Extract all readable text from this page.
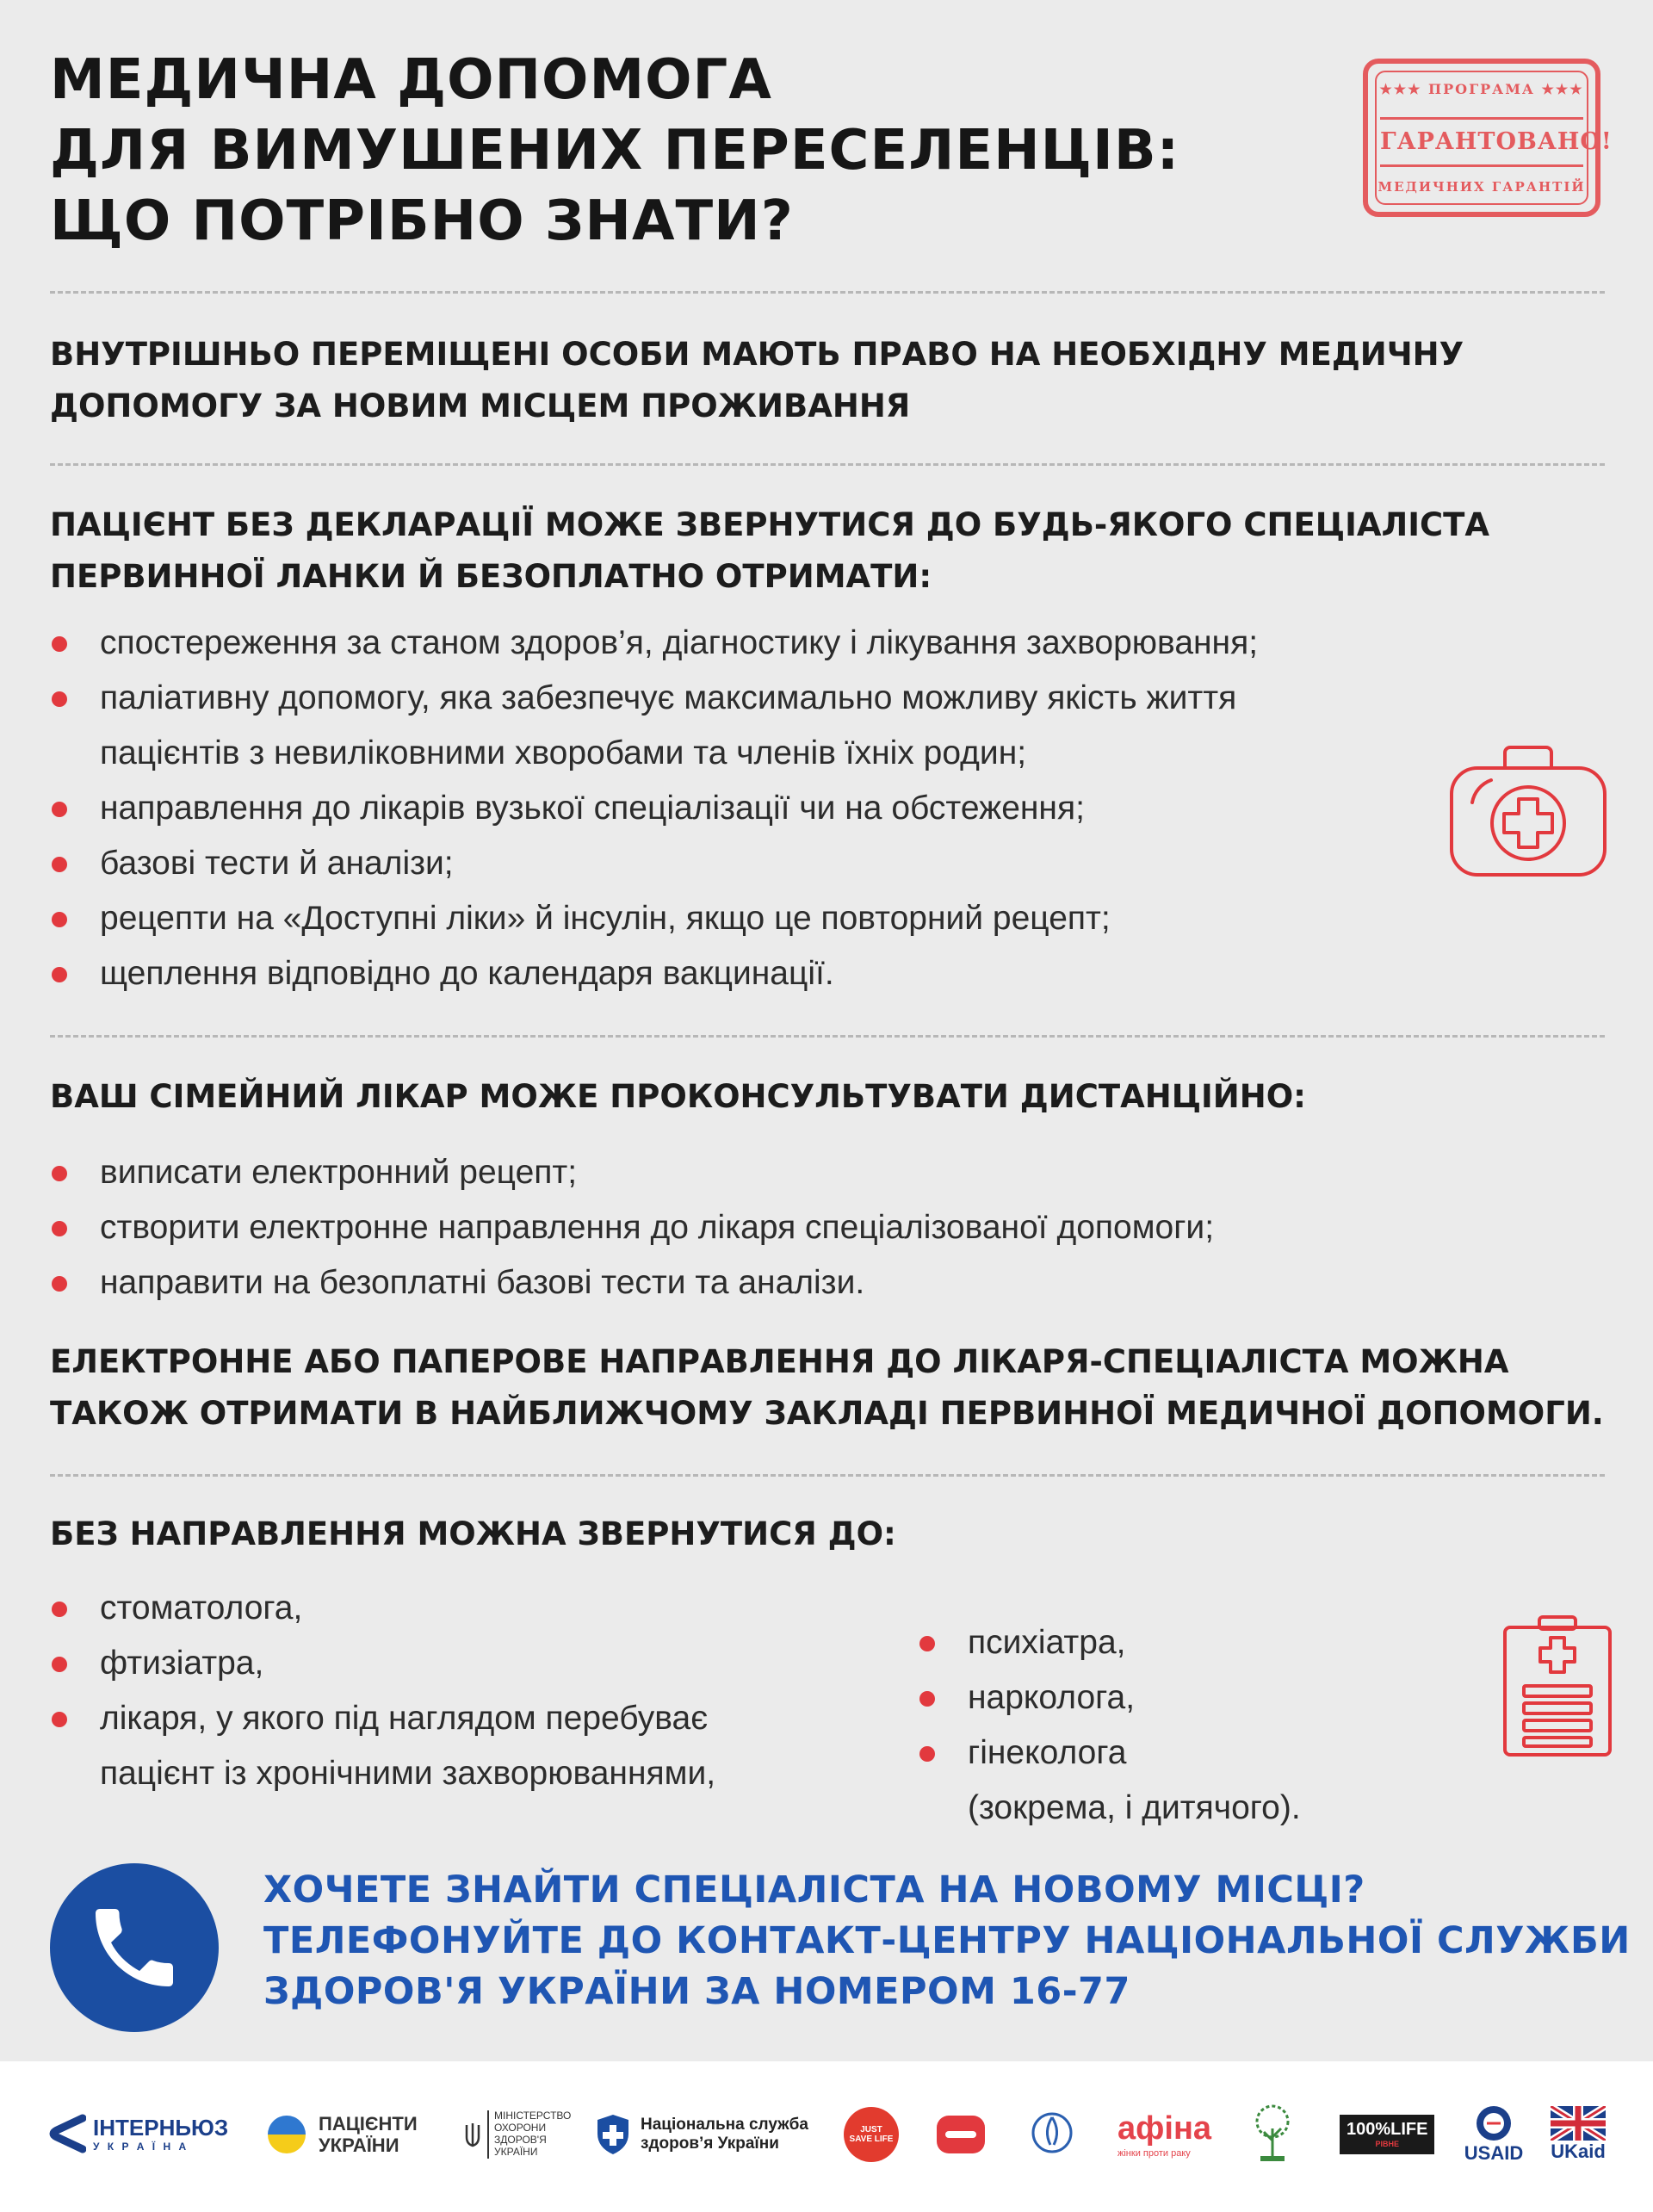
МЕДИЧНА ДОПОМОГА
ДЛЯ ВИМУШЕНИХ ПЕРЕСЕЛЕНЦІВ:
ЩО ПОТРІБНО ЗНАТИ?
★★★ ПРОГРАМА ★★★
ГАРАНТОВАНО!
МЕДИЧНИХ ГАРАНТІЙ
ВНУТРІШНЬО ПЕРЕМІЩЕНІ ОСОБИ МАЮТЬ ПРАВО НА НЕОБХІДНУ МЕДИЧНУ
ДОПОМОГУ ЗА НОВИМ МІСЦЕМ ПРОЖИВАННЯ
ПАЦІЄНТ БЕЗ ДЕКЛАРАЦІЇ МОЖЕ ЗВЕРНУТИСЯ ДО БУДЬ-ЯКОГО СПЕЦІАЛІСТА
ПЕРВИННОЇ ЛАНКИ Й БЕЗОПЛАТНО ОТРИМАТИ:
спостереження за станом здоров’я, діагностику і лікування захворювання;
паліативну допомогу, яка забезпечує максимально можливу якість життя
пацієнтів з невиліковними хворобами та членів їхніх родин;
направлення до лікарів вузької спеціалізації чи на обстеження;
базові тести й аналізи;
рецепти на «Доступні ліки» й інсулін, якщо це повторний рецепт;
щеплення відповідно до календаря вакцинації.
ВАШ СІМЕЙНИЙ ЛІКАР МОЖЕ ПРОКОНСУЛЬТУВАТИ ДИСТАНЦІЙНО:
виписати електронний рецепт;
створити електронне направлення до лікаря спеціалізованої допомоги;
направити на безоплатні базові тести та аналізи.
ЕЛЕКТРОННЕ АБО ПАПЕРОВЕ НАПРАВЛЕННЯ ДО ЛІКАРЯ-СПЕЦІАЛІСТА МОЖНА
ТАКОЖ ОТРИМАТИ В НАЙБЛИЖЧОМУ ЗАКЛАДІ ПЕРВИННОЇ МЕДИЧНОЇ ДОПОМОГИ.
БЕЗ НАПРАВЛЕННЯ МОЖНА ЗВЕРНУТИСЯ ДО:
стоматолога,
фтизіатра,
лікаря, у якого під наглядом перебуває
пацієнт із хронічними захворюваннями,
психіатра,
нарколога,
гінеколога
(зокрема, і дитячого).
ХОЧЕТЕ ЗНАЙТИ СПЕЦІАЛІСТА НА НОВОМУ МІСЦІ?
ТЕЛЕФОНУЙТЕ ДО КОНТАКТ-ЦЕНТРУ НАЦІОНАЛЬНОЇ СЛУЖБИ
ЗДОРОВ'Я УКРАЇНИ ЗА НОМЕРОМ 16-77
ІНТЕРНЬЮЗ
У К Р А Ї Н А
ПАЦІЄНТИ
УКРАЇНИ
МІНІСТЕРСТВО
ОХОРОНИ
ЗДОРОВ'Я
УКРАЇНИ
Національна служба
здоров’я України
JUST SAVE LIFE	афіна
жінки проти раку
100%LIFE
РІВНЕ	USAID UKaid
